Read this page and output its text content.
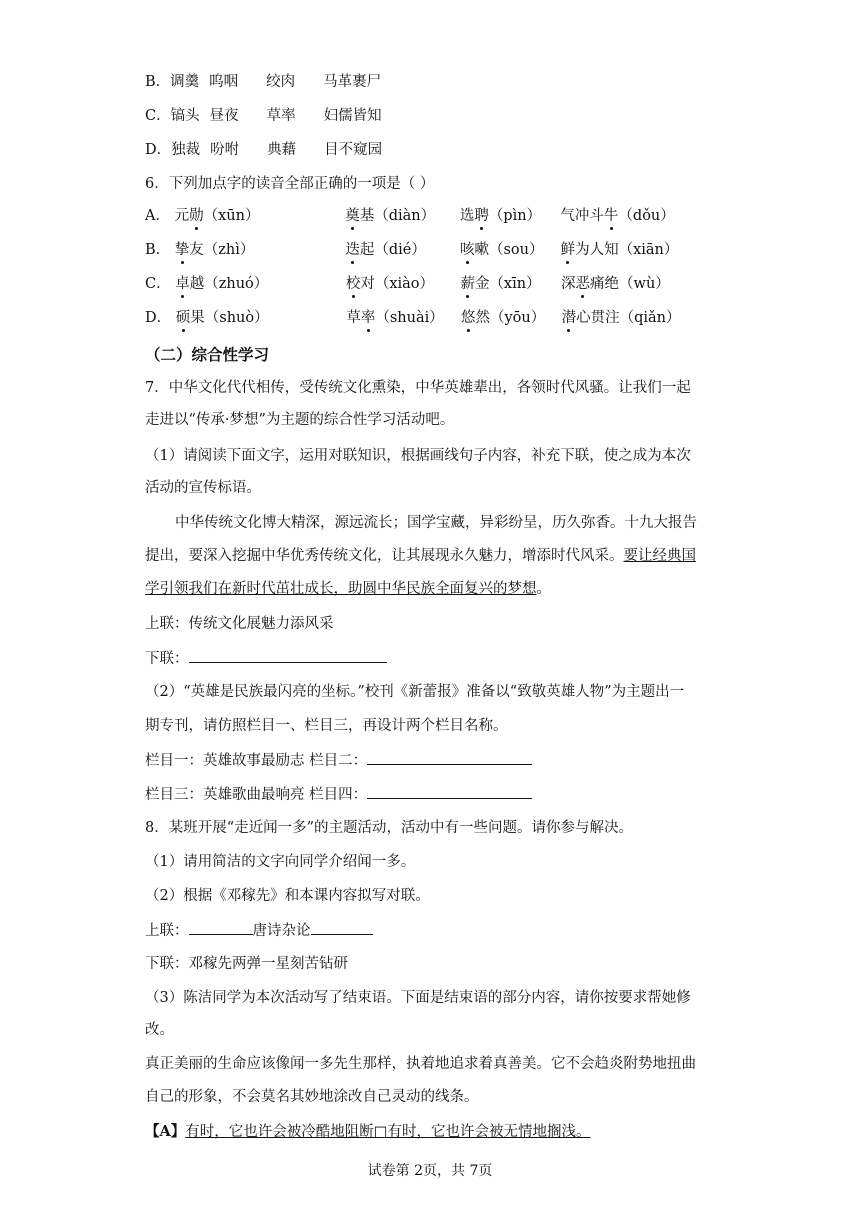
B．调羹 呜咽 绞肉 马革裹尸
C．镐头 昼夜 草率 妇儒皆知
D．独裁 吩咐 典藉 目不窥园
6．下列加点字的读音全部正确的一项是（ ）
A． 元勋（xūn）	奠基（diàn） 选聘（pìn） 气冲斗牛（dǒu）
B． 挚友（zhì）	迭起（dié） 咳嗽（sou） 鲜为人知（xiān）
C． 卓越（zhuó）	校对（xiào） 薪金（xīn） 深恶痛绝（wù）
D． 硕果（shuò）	草率（shuài） 悠然（yōu） 潜心贯注（qiǎn）
（二）综合性学习
7．中华文化代代相传，受传统文化熏染，中华英雄辈出，各领时代风骚。让我们一起
走进以“传承·梦想”为主题的综合性学习活动吧。
（1）请阅读下面文字，运用对联知识，根据画线句子内容，补充下联，使之成为本次
活动的宣传标语。
中华传统文化博大精深，源远流长；国学宝藏，异彩纷呈，历久弥香。十九大报告
提出，要深入挖掘中华优秀传统文化，让其展现永久魅力，增添时代风采。要让经典国
学引领我们在新时代茁壮成长，助圆中华民族全面复兴的梦想。
上联：传统文化展魅力添风采
下联：
（2）“英雄是民族最闪亮的坐标。”校刊《新蕾报》准备以“致敬英雄人物”为主题出一
期专刊，请仿照栏目一、栏目三，再设计两个栏目名称。
栏目一：英雄故事最励志 栏目二：
栏目三：英雄歌曲最响亮 栏目四：
8．某班开展“走近闻一多”的主题活动，活动中有一些问题。请你参与解决。
（1）请用简洁的文字向同学介绍闻一多。
（2）根据《邓稼先》和本课内容拟写对联。
上联：	唐诗杂论
下联：邓稼先两弹一星刻苦钻研
（3）陈洁同学为本次活动写了结束语。下面是结束语的部分内容，请你按要求帮她修
改。
真正美丽的生命应该像闻一多先生那样，执着地追求着真善美。它不会趋炎附势地扭曲
自己的形象，不会莫名其妙地涂改自己灵动的线条。
【A】有时，它也许会被冷酷地阻断□有时，它也许会被无情地搁浅。
试卷第 2页，共 7页
